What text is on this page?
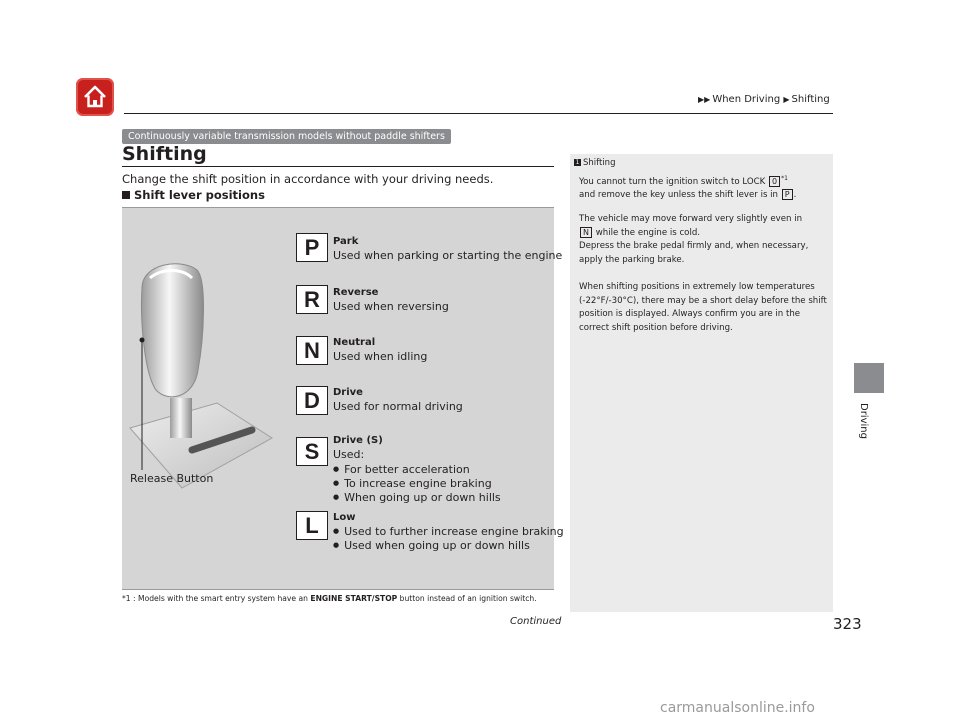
▶▶ When Driving ▶ Shifting
Continuously variable transmission models without paddle shifters
Shifting
Change the shift position in accordance with your driving needs.
Shift lever positions
P	Park
Used when parking or starting the engine
R	Reverse
Used when reversing
N	Neutral
Used when idling
D	Drive
Used for normal driving
S	Drive (S)
Used:
● For better acceleration
● To increase engine braking
● When going up or down hills
L	Low
● Used to further increase engine braking
● Used when going up or down hills
Release Button
*1 : Models with the smart entry system have an ENGINE START/STOP button instead of an ignition switch.
1 Shifting
You cannot turn the ignition switch to LOCK 0 $^{*1}$
and remove the key unless the shift lever is in P .
The vehicle may move forward very slightly even in
N while the engine is cold.
Depress the brake pedal firmly and, when necessary, apply the parking brake.
When shifting positions in extremely low temperatures (-22°F/-30°C), there may be a short delay before the shift position is displayed. Always confirm you are in the correct shift position before driving.
Continued	323
Driving
carmanualsonline.info
